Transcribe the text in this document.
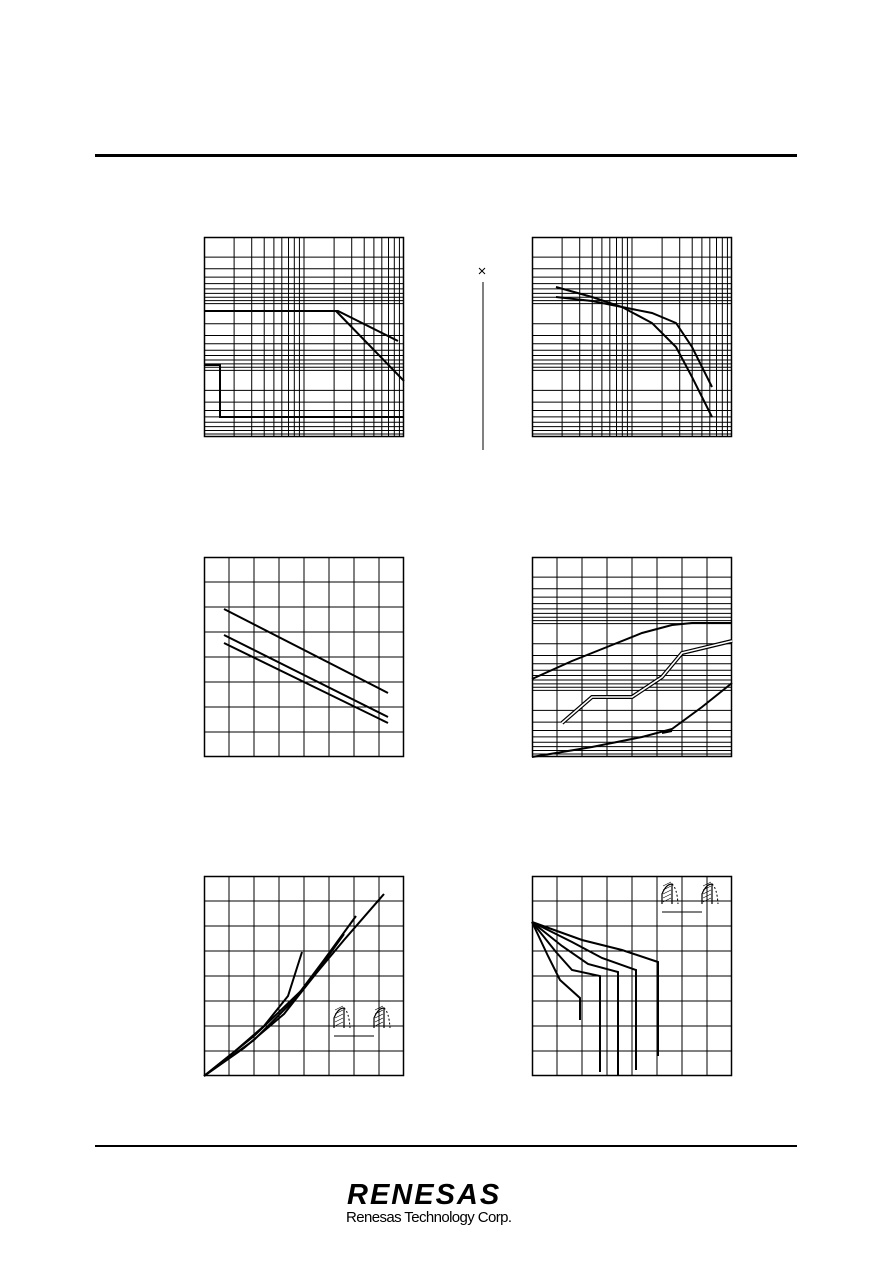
RENESAS
Renesas Technology Corp.
